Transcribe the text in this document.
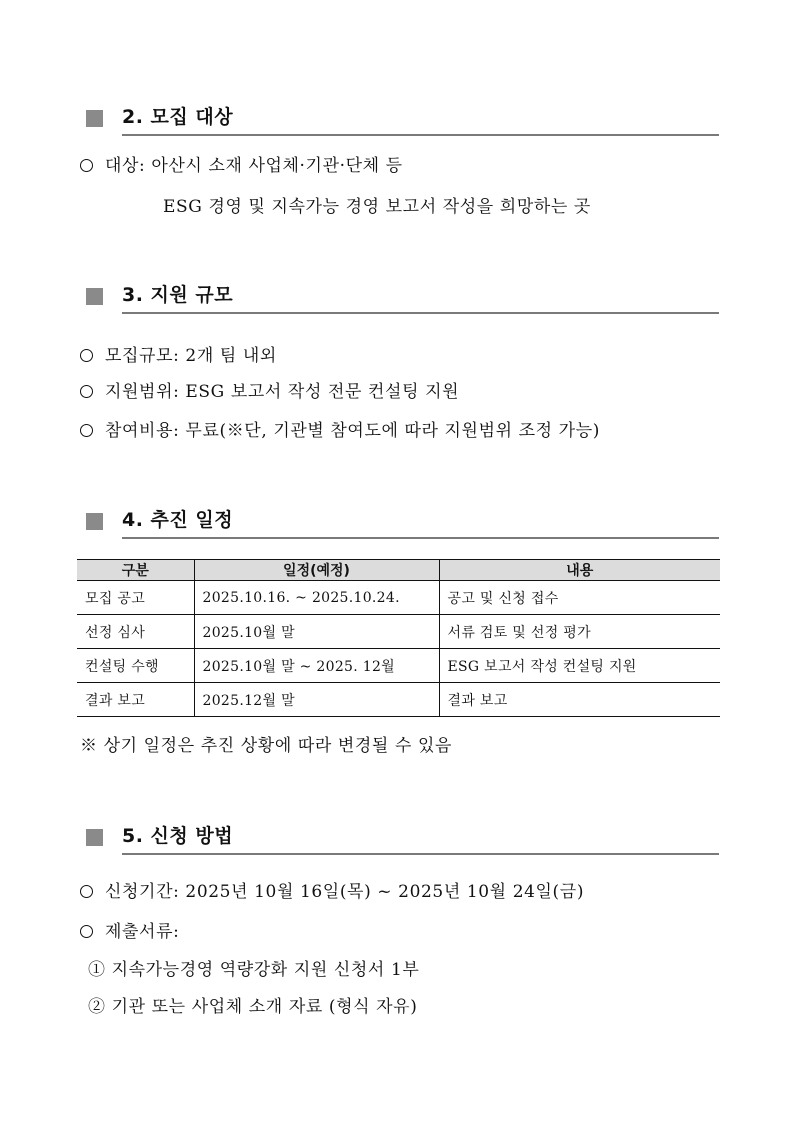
2. 모집 대상
대상: 아산시 소재 사업체·기관·단체 등
ESG 경영 및 지속가능 경영 보고서 작성을 희망하는 곳
3. 지원 규모
모집규모: 2개 팀 내외
지원범위: ESG 보고서 작성 전문 컨설팅 지원
참여비용: 무료(※단, 기관별 참여도에 따라 지원범위 조정 가능)
4. 추진 일정
구분	일정(예정)	내용
모집 공고	2025.10.16. ~ 2025.10.24.	공고 및 신청 접수
선정 심사	2025.10월 말	서류 검토 및 선정 평가
컨설팅 수행	2025.10월 말 ~ 2025. 12월	ESG 보고서 작성 컨설팅 지원
결과 보고	2025.12월 말	결과 보고
※ 상기 일정은 추진 상황에 따라 변경될 수 있음
5. 신청 방법
신청기간: 2025년 10월 16일(목) ~ 2025년 10월 24일(금)
제출서류:
① 지속가능경영 역량강화 지원 신청서 1부
② 기관 또는 사업체 소개 자료 (형식 자유)
